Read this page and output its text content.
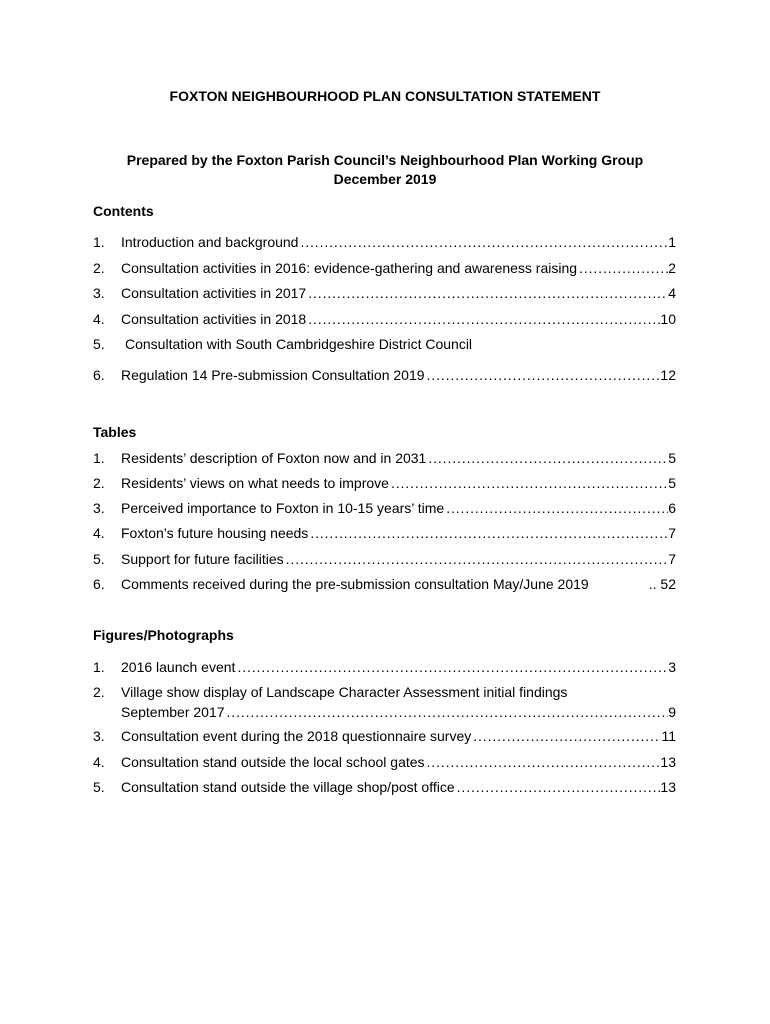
FOXTON NEIGHBOURHOOD PLAN CONSULTATION STATEMENT
Prepared by the Foxton Parish Council’s Neighbourhood Plan Working Group
December 2019
Contents
1. Introduction and background . . .	1
2. Consultation activities in 2016: evidence-gathering and awareness raising . . .	2
3. Consultation activities in 2017 . . .	4
4. Consultation activities in 2018 . . .	10
5. Consultation with South Cambridgeshire District Council
6. Regulation 14 Pre-submission Consultation 2019 . . .	12
Tables
1. Residents’ description of Foxton now and in 2031 . . .	5
2. Residents’ views on what needs to improve . . .	5
3. Perceived importance to Foxton in 10-15 years’ time . . .	6
4. Foxton’s future housing needs . . .	7
5. Support for future facilities . . .	7
6. Comments received during the pre-submission consultation May/June 2019	.. 52
Figures/Photographs
1. 2016 launch event . . .	3
2. Village show display of Landscape Character Assessment initial findings
September 2017 . . .	9
3. Consultation event during the 2018 questionnaire survey . . .	11
4. Consultation stand outside the local school gates . . .	13
5. Consultation stand outside the village shop/post office . . .	13
